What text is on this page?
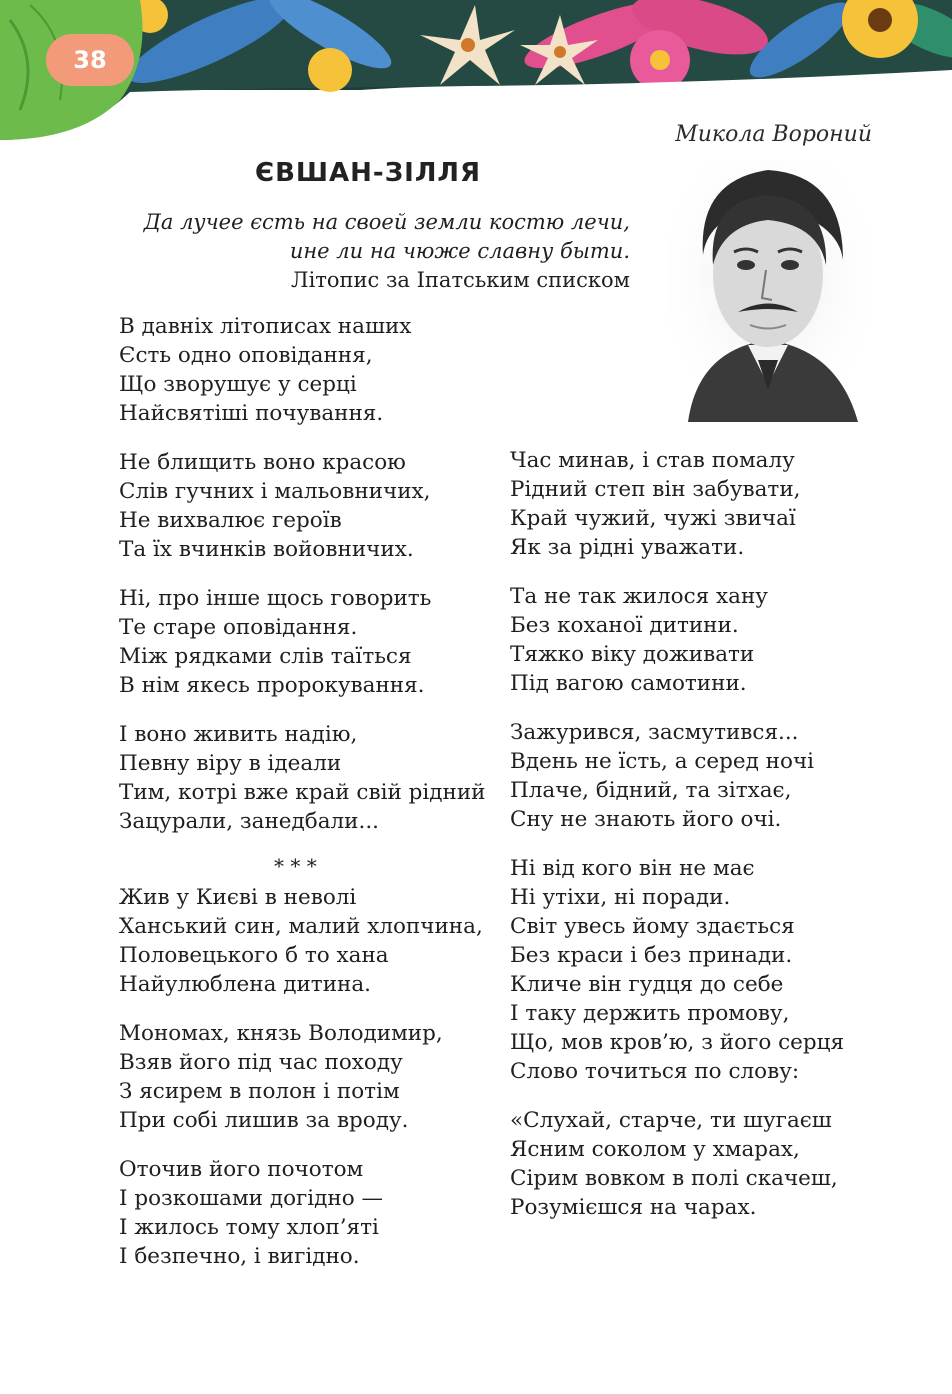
38
Микола Вороний
ЄВШАН-ЗІЛЛЯ
Да лучее єсть на своей земли костю лечи,
ине ли на чюже славну быти.
Літопис за Іпатським списком
В давніх літописах наших
Єсть одно оповідання,
Що зворушує у серці
Найсвятіші почування.
Не блищить воно красою
Слів гучних і мальовничих,
Не вихвалює героїв
Та їх вчинків войовничих.
Ні, про інше щось говорить
Те старе оповідання.
Між рядками слів таїться
В нім якесь пророкування.
І воно живить надію,
Певну віру в ідеали
Тим, котрі вже край свій рідний
Зацурали, занедбали...
* * *
Жив у Києві в неволі
Ханський син, малий хлопчина,
Половецького б то хана
Найулюблена дитина.
Мономах, князь Володимир,
Взяв його під час походу
З ясирем в полон і потім
При собі лишив за вроду.
Оточив його почотом
І розкошами догідно —
І жилось тому хлоп’яті
І безпечно, і вигідно.
Час минав, і став помалу
Рідний степ він забувати,
Край чужий, чужі звичаї
Як за рідні уважати.
Та не так жилося хану
Без коханої дитини.
Тяжко віку доживати
Під вагою самотини.
Зажурився, засмутився...
Вдень не їсть, а серед ночі
Плаче, бідний, та зітхає,
Сну не знають його очі.
Ні від кого він не має
Ні утіхи, ні поради.
Світ увесь йому здається
Без краси і без принади.
Кличе він гудця до себе
І таку держить промову,
Що, мов кров’ю, з його серця
Слово точиться по слову:
«Слухай, старче, ти шугаєш
Ясним соколом у хмарах,
Сірим вовком в полі скачеш,
Розумієшся на чарах.
